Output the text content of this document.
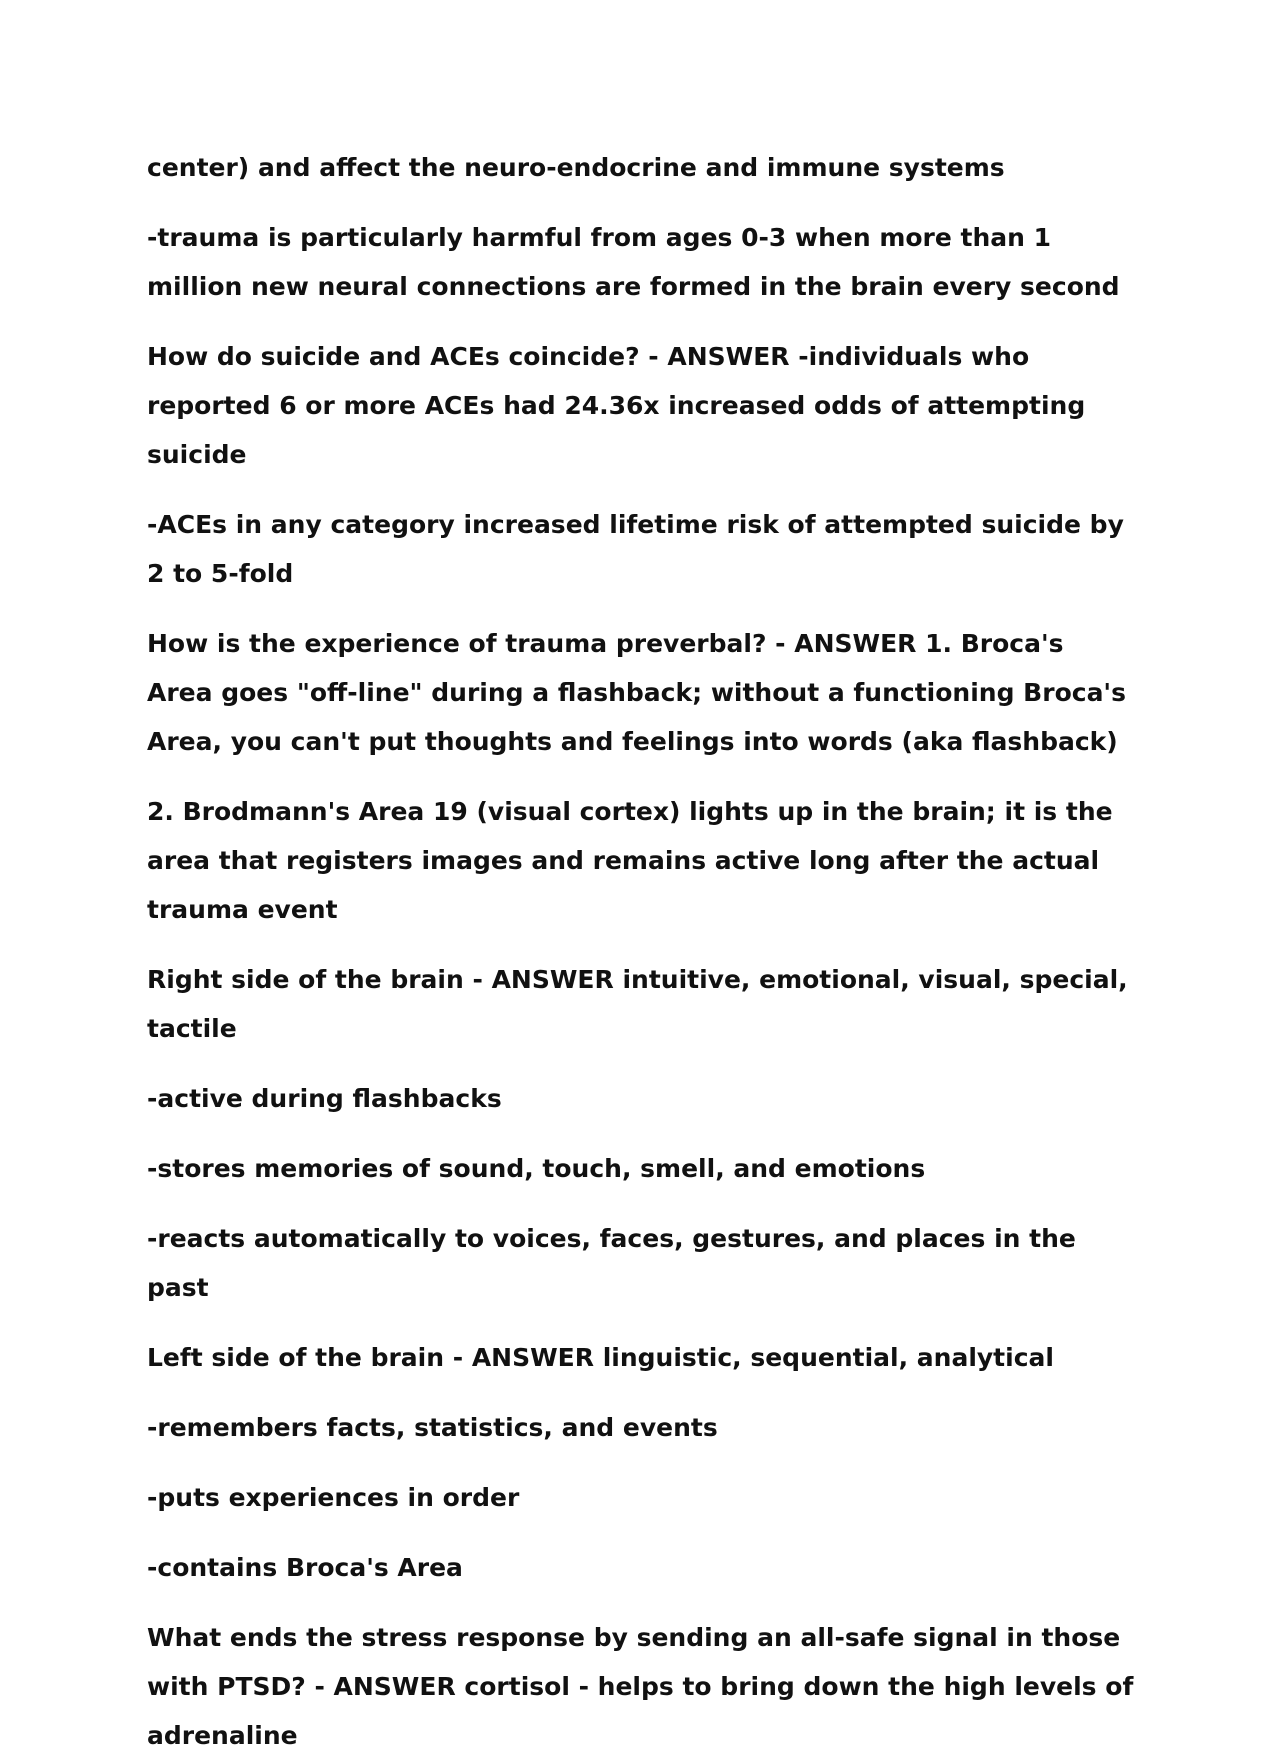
center) and affect the neuro-endocrine and immune systems

-trauma is particularly harmful from ages 0-3 when more than 1 million new neural connections are formed in the brain every second

How do suicide and ACEs coincide? - ANSWER -individuals who reported 6 or more ACEs had 24.36x increased odds of attempting suicide

-ACEs in any category increased lifetime risk of attempted suicide by 2 to 5-fold

How is the experience of trauma preverbal? - ANSWER 1. Broca's Area goes "off-line" during a flashback; without a functioning Broca's Area, you can't put thoughts and feelings into words (aka flashback)

2. Brodmann's Area 19 (visual cortex) lights up in the brain; it is the area that registers images and remains active long after the actual trauma event

Right side of the brain - ANSWER intuitive, emotional, visual, special, tactile

-active during flashbacks

-stores memories of sound, touch, smell, and emotions

-reacts automatically to voices, faces, gestures, and places in the past

Left side of the brain - ANSWER linguistic, sequential, analytical

-remembers facts, statistics, and events

-puts experiences in order

-contains Broca's Area

What ends the stress response by sending an all-safe signal in those with PTSD? - ANSWER cortisol - helps to bring down the high levels of adrenaline
